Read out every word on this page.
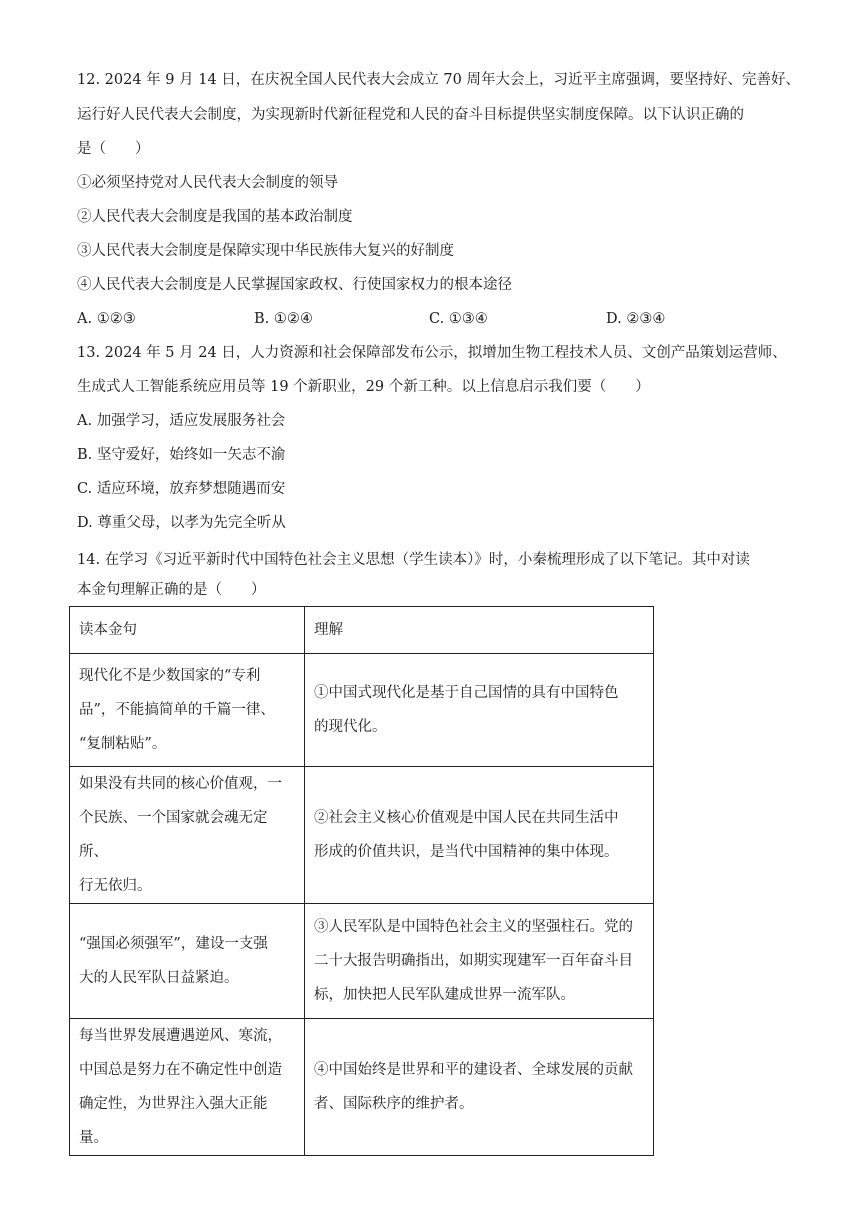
12. 2024 年 9 月 14 日，在庆祝全国人民代表大会成立 70 周年大会上，习近平主席强调，要坚持好、完善好、
运行好人民代表大会制度，为实现新时代新征程党和人民的奋斗目标提供坚实制度保障。以下认识正确的
是（　　）
①必须坚持党对人民代表大会制度的领导
②人民代表大会制度是我国的基本政治制度
③人民代表大会制度是保障实现中华民族伟大复兴的好制度
④人民代表大会制度是人民掌握国家政权、行使国家权力的根本途径
A. ①②③	B. ①②④	C. ①③④	D. ②③④
13. 2024 年 5 月 24 日，人力资源和社会保障部发布公示，拟增加生物工程技术人员、文创产品策划运营师、
生成式人工智能系统应用员等 19 个新职业，29 个新工种。以上信息启示我们要（　　）
A. 加强学习，适应发展服务社会
B. 坚守爱好，始终如一矢志不渝
C. 适应环境，放弃梦想随遇而安
D. 尊重父母，以孝为先完全听从
14. 在学习《习近平新时代中国特色社会主义思想（学生读本）》时，小秦梳理形成了以下笔记。其中对读
本金句理解正确的是（　　）
读本金句	理解

现代化不是少数国家的“专利
品”，不能搞简单的千篇一律、
“复制粘贴”。	①中国式现代化是基于自己国情的具有中国特色
的现代化。

如果没有共同的核心价值观，一
个民族、一个国家就会魂无定所、
行无依归。	②社会主义核心价值观是中国人民在共同生活中
形成的价值共识，是当代中国精神的集中体现。

“强国必须强军”，建设一支强
大的人民军队日益紧迫。	③人民军队是中国特色社会主义的坚强柱石。党的
二十大报告明确指出，如期实现建军一百年奋斗目
标，加快把人民军队建成世界一流军队。

每当世界发展遭遇逆风、寒流，
中国总是努力在不确定性中创造
确定性，为世界注入强大正能量。	④中国始终是世界和平的建设者、全球发展的贡献
者、国际秩序的维护者。
